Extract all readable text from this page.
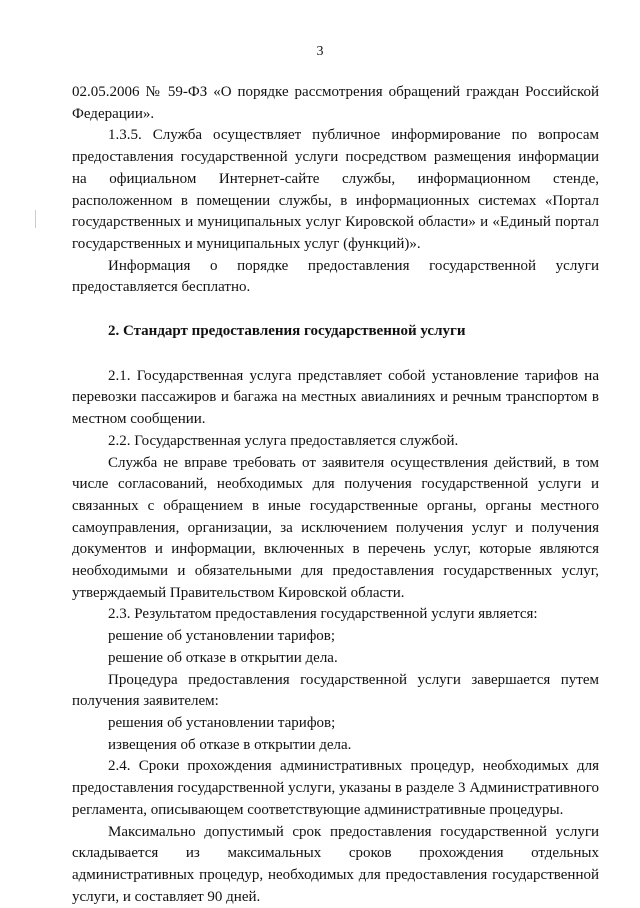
3

02.05.2006 № 59-ФЗ «О порядке рассмотрения обращений граждан Российской Федерации».

1.3.5. Служба осуществляет публичное информирование по вопросам предоставления государственной услуги посредством размещения информации на официальном Интернет-сайте службы, информационном стенде, расположенном в помещении службы, в информационных системах «Портал государственных и муниципальных услуг Кировской области» и «Единый портал государственных и муниципальных услуг (функций)».

Информация о порядке предоставления государственной услуги предоставляется бесплатно.

2. Стандарт предоставления государственной услуги

2.1. Государственная услуга представляет собой установление тарифов на перевозки пассажиров и багажа на местных авиалиниях и речным транспортом в местном сообщении.

2.2. Государственная услуга предоставляется службой.

Служба не вправе требовать от заявителя осуществления действий, в том числе согласований, необходимых для получения государственной услуги и связанных с обращением в иные государственные органы, органы местного самоуправления, организации, за исключением получения услуг и получения документов и информации, включенных в перечень услуг, которые являются необходимыми и обязательными для предоставления государственных услуг, утверждаемый Правительством Кировской области.

2.3. Результатом предоставления государственной услуги является:

решение об установлении тарифов;

решение об отказе в открытии дела.

Процедура предоставления государственной услуги завершается путем получения заявителем:

решения об установлении тарифов;

извещения об отказе в открытии дела.

2.4. Сроки прохождения административных процедур, необходимых для предоставления государственной услуги, указаны в разделе 3 Административного регламента, описывающем соответствующие административные процедуры.

Максимально допустимый срок предоставления государственной услуги складывается из максимальных сроков прохождения отдельных административных процедур, необходимых для предоставления государственной услуги, и составляет 90 дней.
